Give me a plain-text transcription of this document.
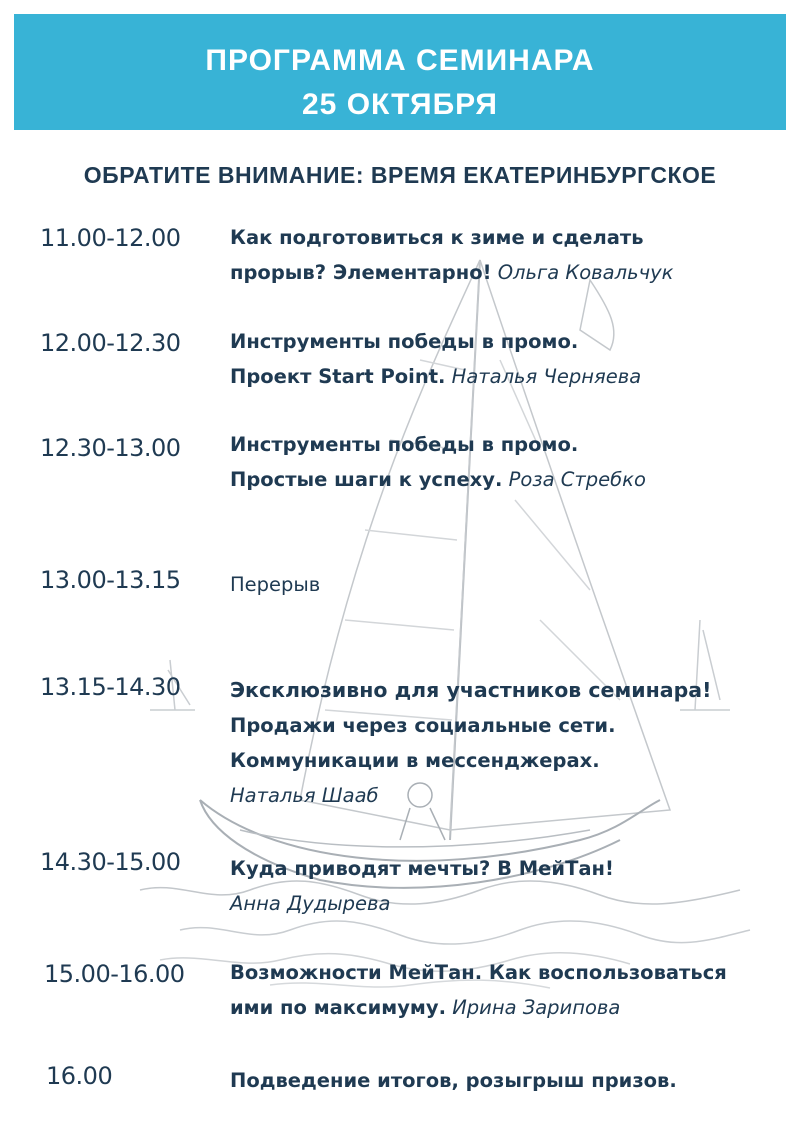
ПРОГРАММА СЕМИНАРА
25 ОКТЯБРЯ
ОБРАТИТЕ ВНИМАНИЕ: ВРЕМЯ ЕКАТЕРИНБУРГСКОЕ
11.00-12.00	Как подготовиться к зиме и сделать
прорыв? Элементарно! Ольга Ковальчук
12.00-12.30	Инструменты победы в промо.
Проект Start Point. Наталья Черняева
12.30-13.00	Инструменты победы в промо.
Простые шаги к успеху. Роза Стребко
13.00-13.15	Перерыв
13.15-14.30 Эксклюзивно для участников семинара!
Продажи через социальные сети.
Коммуникации в мессенджерах.
Наталья Шааб
14.30-15.00	Куда приводят мечты? В МейТан!
Анна Дудырева
15.00-16.00 Возможности МейТан. Как воспользоваться
ими по максимуму. Ирина Зарипова
16.00	Подведение итогов, розыгрыш призов.
